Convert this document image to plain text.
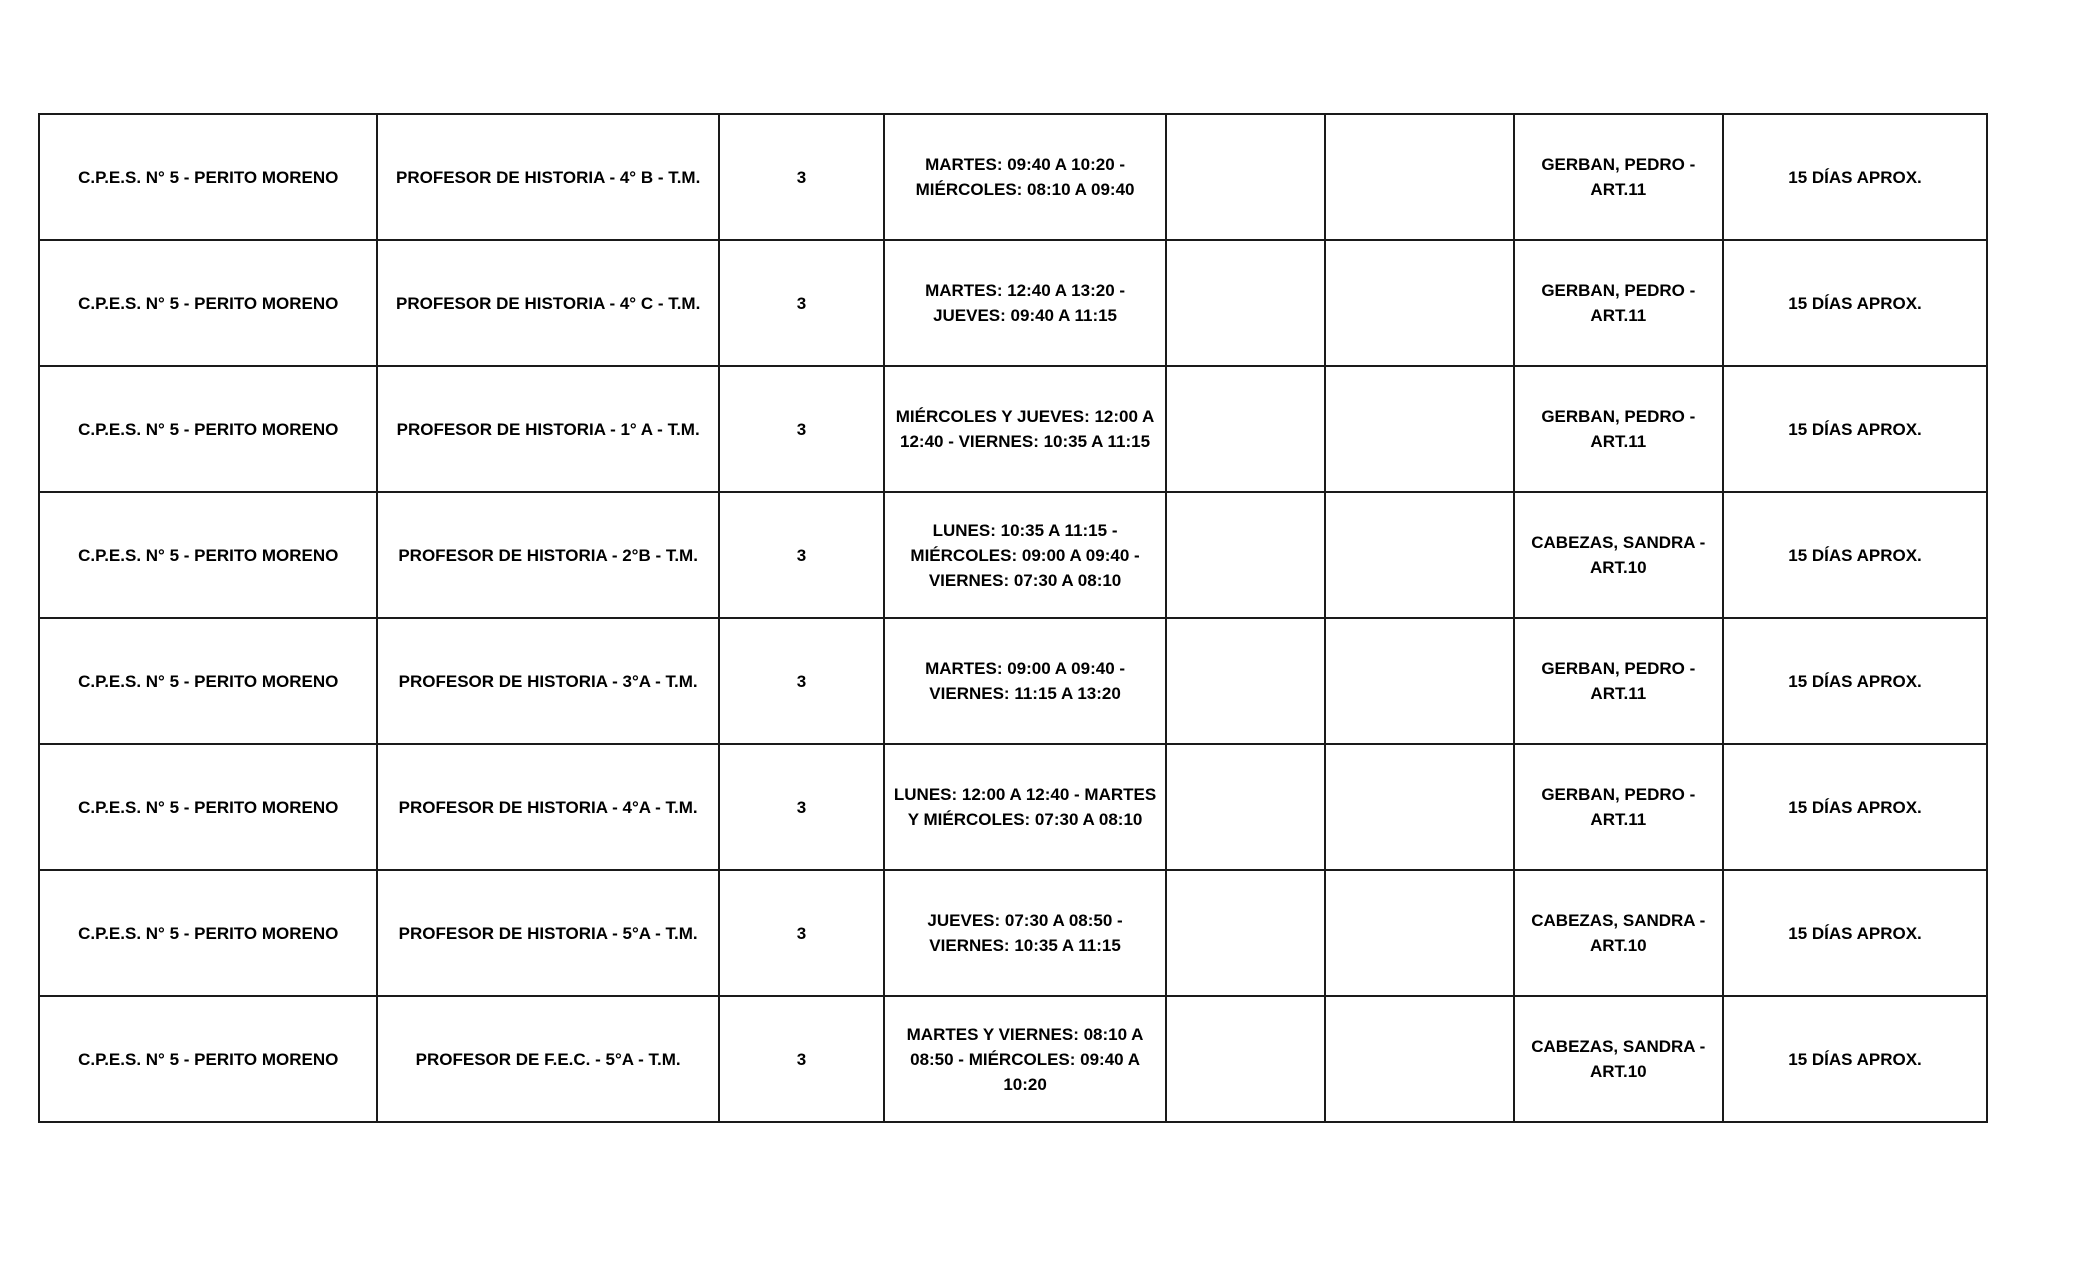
C.P.E.S. N° 5 - PERITO MORENO	PROFESOR DE HISTORIA - 4° B - T.M.	3	MARTES: 09:40 A 10:20 - MIÉRCOLES: 08:10 A 09:40			GERBAN, PEDRO - ART.11	15 DÍAS APROX.
C.P.E.S. N° 5 - PERITO MORENO	PROFESOR DE HISTORIA - 4° C - T.M.	3	MARTES: 12:40 A 13:20 - JUEVES: 09:40 A 11:15			GERBAN, PEDRO - ART.11	15 DÍAS APROX.
C.P.E.S. N° 5 - PERITO MORENO	PROFESOR DE HISTORIA - 1° A - T.M.	3	MIÉRCOLES Y JUEVES: 12:00 A 12:40 - VIERNES: 10:35 A 11:15			GERBAN, PEDRO - ART.11	15 DÍAS APROX.
C.P.E.S. N° 5 - PERITO MORENO	PROFESOR DE HISTORIA - 2°B - T.M.	3	LUNES: 10:35 A 11:15 - MIÉRCOLES: 09:00 A 09:40 - VIERNES: 07:30 A 08:10			CABEZAS, SANDRA - ART.10	15 DÍAS APROX.
C.P.E.S. N° 5 - PERITO MORENO	PROFESOR DE HISTORIA - 3°A - T.M.	3	MARTES: 09:00 A 09:40 - VIERNES: 11:15 A 13:20			GERBAN, PEDRO - ART.11	15 DÍAS APROX.
C.P.E.S. N° 5 - PERITO MORENO	PROFESOR DE HISTORIA - 4°A - T.M.	3	LUNES: 12:00 A 12:40 - MARTES Y MIÉRCOLES: 07:30 A 08:10			GERBAN, PEDRO - ART.11	15 DÍAS APROX.
C.P.E.S. N° 5 - PERITO MORENO	PROFESOR DE HISTORIA - 5°A - T.M.	3	JUEVES: 07:30 A 08:50 - VIERNES: 10:35 A 11:15			CABEZAS, SANDRA - ART.10	15 DÍAS APROX.
C.P.E.S. N° 5 - PERITO MORENO	PROFESOR DE F.E.C. - 5°A - T.M.	3	MARTES Y VIERNES: 08:10 A 08:50 - MIÉRCOLES: 09:40 A 10:20			CABEZAS, SANDRA - ART.10	15 DÍAS APROX.
